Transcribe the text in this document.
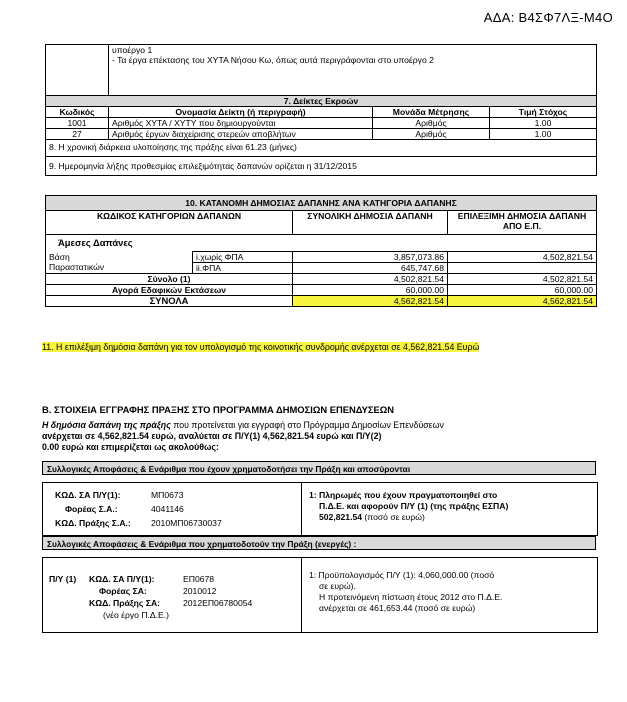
ΑΔΑ: Β4ΣΦ7ΛΞ-Μ4Ο

	υποέργο 1
- Τα έργα επέκτασης του ΧΥΤΑ Νήσου Κω, όπως αυτά περιγράφονται στο υποέργο 2		

7. Δείκτες Εκροών			
Κωδικός	Ονομασία Δείκτη (ή περιγραφή)	Μονάδα Μέτρησης	Τιμή Στόχος
1001	Αριθμός ΧΥΤΑ / ΧΥΤΥ που δημιουργούνται	Αριθμός	1.00
27	Αριθμός έργων διαχείρισης στερεών αποβλήτων	Αριθμός	1.00
8. Η χρονική διάρκεια υλοποίησης της πράξης είναι 61.23 (μήνες)			
9. Ημερομηνία λήξης προθεσμίας επιλεξιμότητας δαπανών ορίζεται η 31/12/2015			
10. ΚΑΤΑΝΟΜΗ ΔΗΜΟΣΙΑΣ ΔΑΠΑΝΗΣ ΑΝΑ ΚΑΤΗΓΟΡΙΑ ΔΑΠΑΝΗΣ			
ΚΩΔΙΚΟΣ ΚΑΤΗΓΟΡΙΩΝ ΔΑΠΑΝΩΝ		ΣΥΝΟΛΙΚΗ ΔΗΜΟΣΙΑ ΔΑΠΑΝΗ	ΕΠΙΛΕΞΙΜΗ ΔΗΜΟΣΙΑ ΔΑΠΑΝΗ ΑΠΟ Ε.Π.
Άμεσες Δαπάνες			

Βάση
Παραστατικών	i.χωρίς ΦΠΑ	3,857,073.86	4,502,821.54
	ii.ΦΠΑ	645,747.68	
Σύνολο (1)		4,502,821.54	4,502,821.54
Αγορά Εδαφικών Εκτάσεων		60,000.00	60,000.00
ΣΥΝΟΛΑ		4,562,821.54	4,562,821.54
11. Η επιλέξιμη δημόσια δαπάνη για τον υπολογισμό της κοινοτικής συνδρομής ανέρχεται σε 4,562,821.54 Ευρώ
Β. ΣΤΟΙΧΕΙΑ ΕΓΓΡΑΦΗΣ ΠΡΑΞΗΣ ΣΤΟ ΠΡΟΓΡΑΜΜΑ ΔΗΜΟΣΙΩΝ ΕΠΕΝΔΥΣΕΩΝ
Η δημόσια δαπάνη της πράξης που προτείνεται για εγγραφή στο Πρόγραμμα Δημοσίων Επενδύσεων
ανέρχεται σε 4,562,821.54 ευρώ, αναλύεται σε Π/Υ(1) 4,562,821.54 ευρώ και Π/Υ(2)
0.00 ευρώ και επιμερίζεται ως ακολούθως:
Συλλογικές Αποφάσεις & Ενάριθμα που έχουν χρηματοδοτήσει την Πράξη και αποσύρονται
ΚΩΔ. ΣΑ Π/Υ(1):	ΜΠ0673
Φορέας Σ.Α.:	4041146
ΚΩΔ. Πράξης Σ.Α.: 2010ΜΠ06730037
1: Πληρωμές που έχουν πραγματοποιηθεί στο
Π.Δ.Ε. και αφορούν Π/Υ (1) (της πράξης ΕΣΠΑ)
502,821.54 (ποσό σε ευρώ)
Συλλογικές Αποφάσεις & Ενάριθμα που χρηματοδοτούν την Πράξη (ενεργές) :
Π/Υ (1) ΚΩΔ. ΣΑ Π/Υ(1):	ΕΠ0678
Φορέας ΣΑ:	2010012
ΚΩΔ. Πράξης ΣΑ:	2012ΕΠ06780054
(νέο έργο Π.Δ.Ε.)
1: Προϋπολογισμός Π/Υ (1): 4,060,000.00 (ποσό
σε ευρώ).
Η προτεινόμενη πίστωση έτους 2012 στο Π.Δ.Ε.
ανέρχεται σε 461,653.44 (ποσό σε ευρώ)
